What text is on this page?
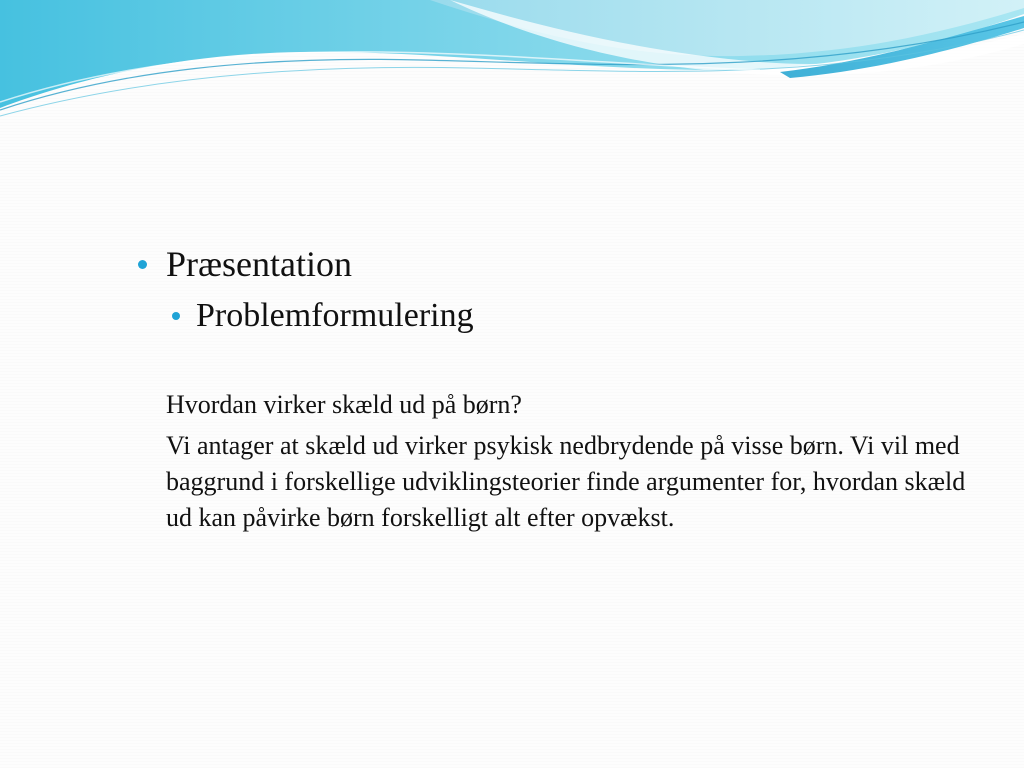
Præsentation
Problemformulering
Hvordan virker skæld ud på børn?
Vi antager at skæld ud virker psykisk nedbrydende på visse børn. Vi vil med baggrund i forskellige udviklingsteorier finde argumenter for, hvordan skæld ud kan påvirke børn forskelligt alt efter opvækst.
